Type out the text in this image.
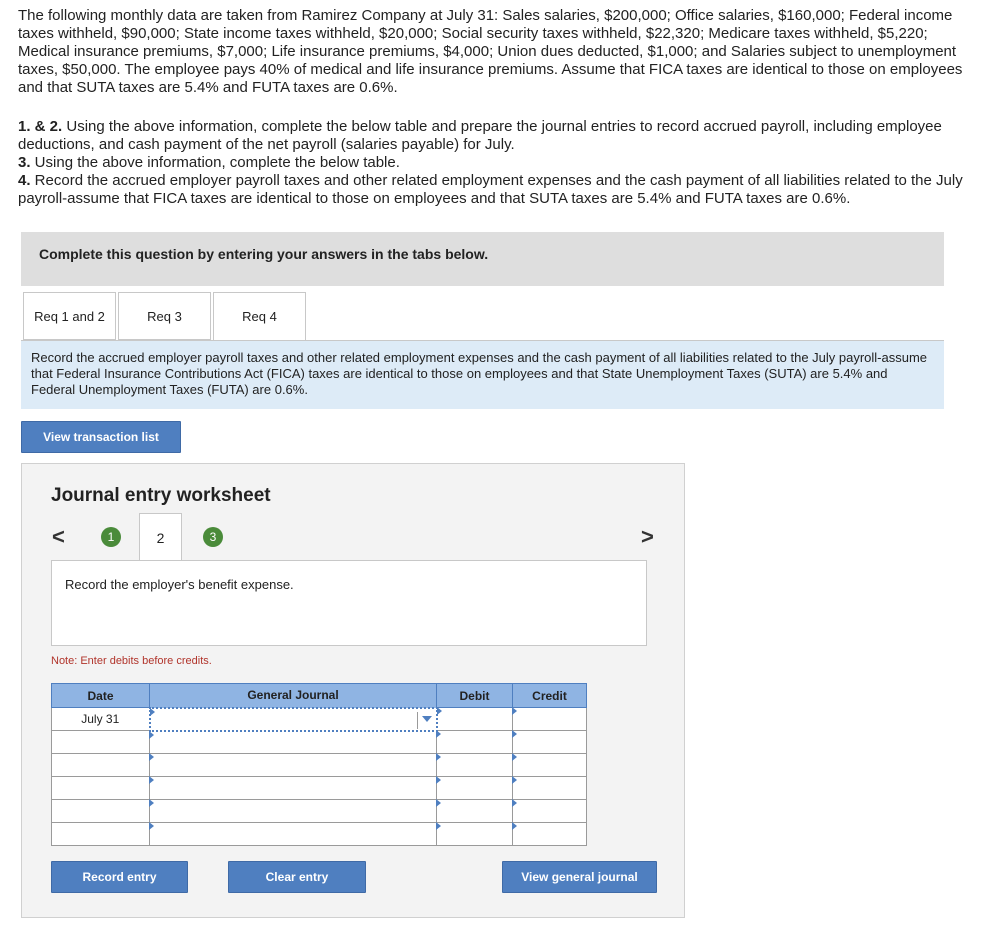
The following monthly data are taken from Ramirez Company at July 31: Sales salaries, $200,000; Office salaries, $160,000; Federal income taxes withheld, $90,000; State income taxes withheld, $20,000; Social security taxes withheld, $22,320; Medicare taxes withheld, $5,220; Medical insurance premiums, $7,000; Life insurance premiums, $4,000; Union dues deducted, $1,000; and Salaries subject to unemployment taxes, $50,000. The employee pays 40% of medical and life insurance premiums. Assume that FICA taxes are identical to those on employees and that SUTA taxes are 5.4% and FUTA taxes are 0.6%.

1. & 2. Using the above information, complete the below table and prepare the journal entries to record accrued payroll, including employee deductions, and cash payment of the net payroll (salaries payable) for July.

3. Using the above information, complete the below table.

4. Record the accrued employer payroll taxes and other related employment expenses and the cash payment of all liabilities related to the July payroll-assume that FICA taxes are identical to those on employees and that SUTA taxes are 5.4% and FUTA taxes are 0.6%.

Complete this question by entering your answers in the tabs below.
Req 1 and 2	Req 3	Req 4
Record the accrued employer payroll taxes and other related employment expenses and the cash payment of all liabilities related to the July payroll-assume that Federal Insurance Contributions Act (FICA) taxes are identical to those on employees and that State Unemployment Taxes (SUTA) are 5.4% and Federal Unemployment Taxes (FUTA) are 0.6%.
View transaction list
Journal entry worksheet
<	1	2	3	>
Record the employer's benefit expense.
Note: Enter debits before credits.
Date	General Journal	Debit	Credit
July 31	

Record entry	Clear entry	View general journal
